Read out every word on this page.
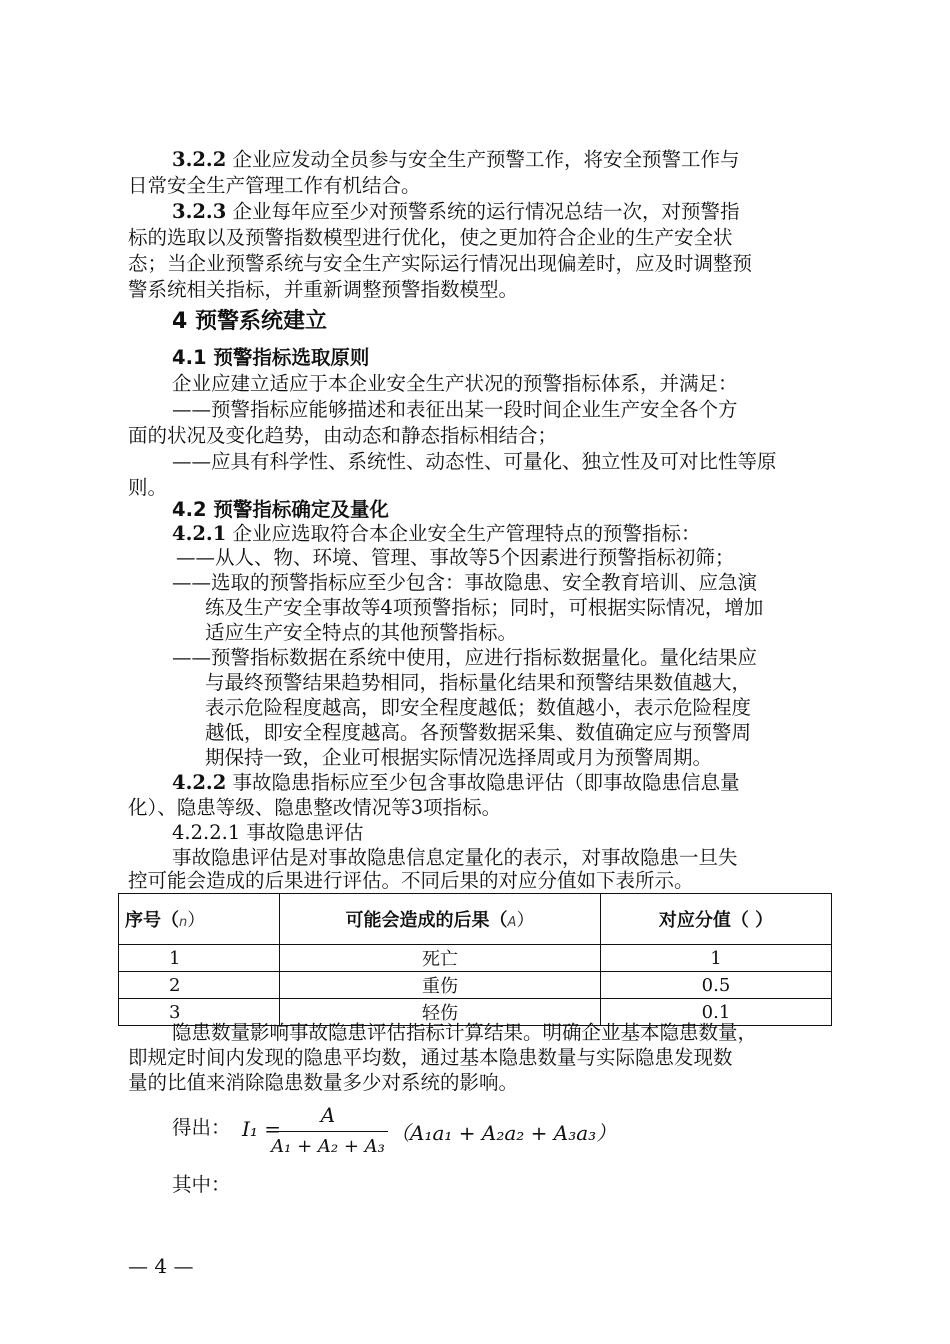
3.2.2 企业应发动全员参与安全生产预警工作，将安全预警工作与
日常安全生产管理工作有机结合。
3.2.3 企业每年应至少对预警系统的运行情况总结一次，对预警指
标的选取以及预警指数模型进行优化，使之更加符合企业的生产安全状
态；当企业预警系统与安全生产实际运行情况出现偏差时，应及时调整预
警系统相关指标，并重新调整预警指数模型。
4 预警系统建立
4.1 预警指标选取原则
企业应建立适应于本企业安全生产状况的预警指标体系，并满足：
——预警指标应能够描述和表征出某一段时间企业生产安全各个方
面的状况及变化趋势，由动态和静态指标相结合；
——应具有科学性、系统性、动态性、可量化、独立性及可对比性等原
则。
4.2 预警指标确定及量化
4.2.1 企业应选取符合本企业安全生产管理特点的预警指标：
——从人、物、环境、管理、事故等5个因素进行预警指标初筛；
——选取的预警指标应至少包含：事故隐患、安全教育培训、应急演
练及生产安全事故等4项预警指标；同时，可根据实际情况，增加
适应生产安全特点的其他预警指标。
——预警指标数据在系统中使用，应进行指标数据量化。量化结果应
与最终预警结果趋势相同，指标量化结果和预警结果数值越大，
表示危险程度越高，即安全程度越低；数值越小，表示危险程度
越低，即安全程度越高。各预警数据采集、数值确定应与预警周
期保持一致，企业可根据实际情况选择周或月为预警周期。
4.2.2 事故隐患指标应至少包含事故隐患评估（即事故隐患信息量
化）、隐患等级、隐患整改情况等3项指标。
4.2.2.1 事故隐患评估
事故隐患评估是对事故隐患信息定量化的表示，对事故隐患一旦失
控可能会造成的后果进行评估。不同后果的对应分值如下表所示。
序号（n）	可能会造成的后果（A）	对应分值（ ）
1	死亡	1
2	重伤	0.5
3	轻伤	0.1
隐患数量影响事故隐患评估指标计算结果。明确企业基本隐患数量，
即规定时间内发现的隐患平均数，通过基本隐患数量与实际隐患发现数
量的比值来消除隐患数量多少对系统的影响。
得出： I₁ =
A
A₁ + A₂ + A₃
（A₁a₁ + A₂a₂ + A₃a₃）
其中：
— 4 —
